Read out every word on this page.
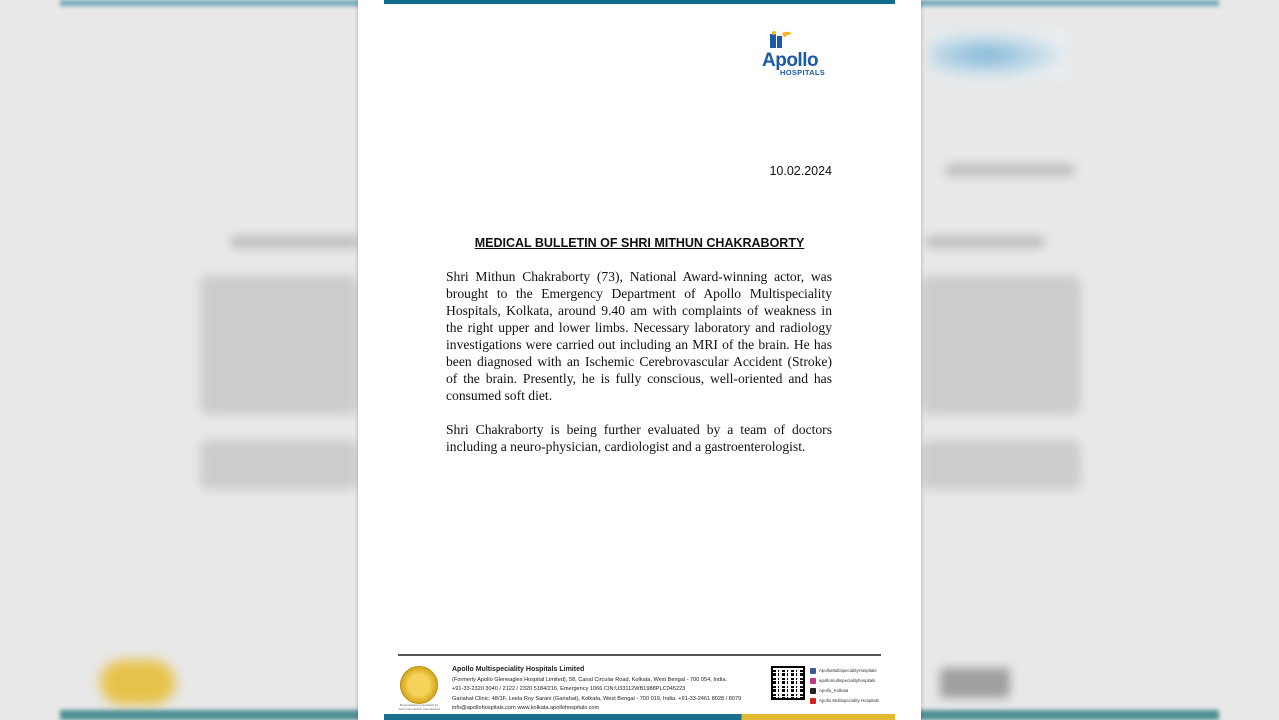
Apollo
HOSPITALS
10.02.2024
MEDICAL BULLETIN OF SHRI MITHUN CHAKRABORTY

Shri Mithun Chakraborty (73), National Award-winning actor, was brought to the Emergency Department of Apollo Multispeciality Hospitals, Kolkata, around 9.40 am with complaints of weakness in the right upper and lower limbs. Necessary laboratory and radiology investigations were carried out including an MRI of the brain. He has been diagnosed with an Ischemic Cerebrovascular Accident (Stroke) of the brain. Presently, he is fully conscious, well-oriented and has consumed soft diet.

Shri Chakraborty is being further evaluated by a team of doctors including a neuro-physician, cardiologist and a gastroenterologist.

Reproduction is permitted by Joint Commission International
Apollo Multispeciality Hospitals Limited
(Formerly Apollo Gleneagles Hospital Limited), 58, Canal Circular Road, Kolkata, West Bengal - 700 054, India.
+91-33-2320 3040 / 2122 / 2320 5184/216, Emergency 1066 CIN:U33112WB1988PLC045223
Gariahat Clinic: 48/1F, Leela Roy Sarani (Gariahat), Kolkata, West Bengal - 700 019, India. +91-33-2461 8028 / 8079
info@apollohospitals.com www.kolkata.apollohospitals.com
ApolloMultispecialityHospitals
apollomultispecialityhospitals
Apollo_Kolkata
Apollo Multispeciality Hospitals
